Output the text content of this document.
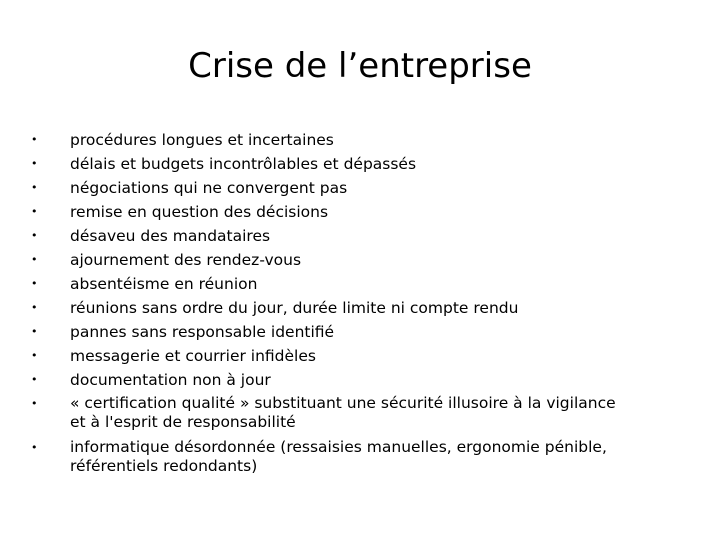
Crise de l’entreprise
•	procédures longues et incertaines
•	délais et budgets incontrôlables et dépassés
•	négociations qui ne convergent pas
•	remise en question des décisions
•	désaveu des mandataires
•	ajournement des rendez-vous
•	absentéisme en réunion
•	réunions sans ordre du jour, durée limite ni compte rendu
•	pannes sans responsable identifié
•	messagerie et courrier infidèles
•	documentation non à jour
•	« certification qualité » substituant une sécurité illusoire à la vigilance
et à l'esprit de responsabilité
•	informatique désordonnée (ressaisies manuelles, ergonomie pénible,
référentiels redondants)
